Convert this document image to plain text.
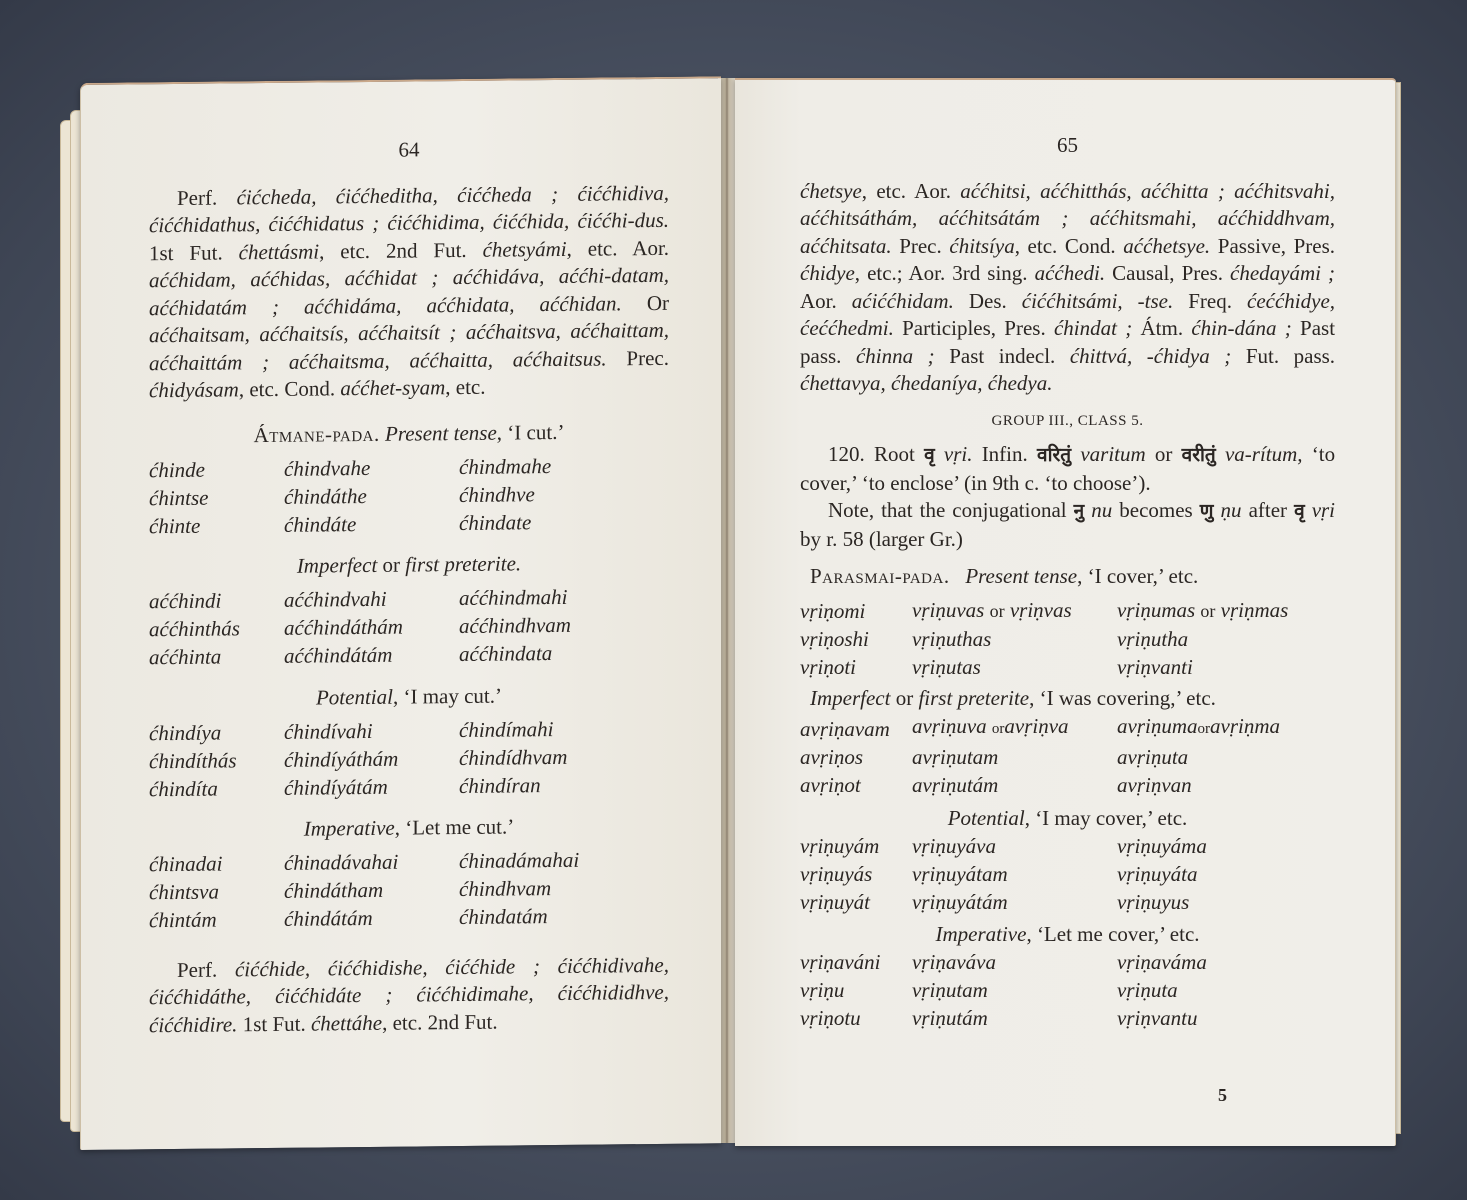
64

Perf. ćićcheda, ćiććheditha, ćiććheda ; ćiććhidiva, ćiććhidathus, ćiććhidatus ; ćiććhidima, ćiććhida, ćiććhi-dus. 1st Fut. ćhettásmi, etc. 2nd Fut. ćhetsyámi, etc. Aor. aććhidam, aććhidas, aććhidat ; aććhidáva, aććhi-datam, aććhidatám ; aććhidáma, aććhidata, aććhidan. Or aććhaitsam, aććhaitsís, aććhaitsít ; aććhaitsva, aććhaittam, aććhaittám ; aććhaitsma, aććhaitta, aććhaitsus. Prec. ćhidyásam, etc. Cond. aććhet-syam, etc.

Átmane-pada. Present tense, ‘I cut.’
ćhinde	ćhindvahe	ćhindmahe
ćhintse	ćhindáthe	ćhindhve
ćhinte	ćhindáte	ćhindate
Imperfect or first preterite.
aććhindi	aććhindvahi	aććhindmahi
aććhinthás	aććhindáthám	aććhindhvam
aććhinta	aććhindátám	aććhindata
Potential, ‘I may cut.’
ćhindíya	ćhindívahi	ćhindímahi
ćhindíthás	ćhindíyáthám	ćhindídhvam
ćhindíta	ćhindíyátám	ćhindíran
Imperative, ‘Let me cut.’
ćhinadai	ćhinadávahai	ćhinadámahai
ćhintsva	ćhindátham	ćhindhvam
ćhintám	ćhindátám	ćhindatám

Perf. ćiććhide, ćiććhidishe, ćiććhide ; ćiććhidivahe, ćiććhidáthe, ćiććhidáte ; ćiććhidimahe, ćiććhididhve, ćiććhidire. 1st Fut. ćhettáhe, etc. 2nd Fut.

65

ćhetsye, etc. Aor. aććhitsi, aććhitthás, aććhitta ; aććhitsvahi, aććhitsáthám, aććhitsátám ; aććhitsmahi, aććhiddhvam, aććhitsata. Prec. ćhitsíya, etc. Cond. aććhetsye. Passive, Pres. ćhidye, etc.; Aor. 3rd sing. aććhedi. Causal, Pres. ćhedayámi ; Aor. aćiććhidam. Des. ćiććhitsámi, -tse. Freq. ćeććhidye, ćeććhedmi. Participles, Pres. ćhindat ; Átm. ćhin-dána ; Past pass. ćhinna ; Past indecl. ćhittvá, -ćhidya ; Fut. pass. ćhettavya, ćhedaníya, ćhedya.

GROUP III., CLASS 5.

120. Root वृ vṛi. Infin. वरितुं varitum or वरीतुं va-rítum, ‘to cover,’ ‘to enclose’ (in 9th c. ‘to choose’).

Note, that the conjugational नु nu becomes णु ṇu after वृ vṛi by r. 58 (larger Gr.)

Parasmai-pada. Present tense, ‘I cover,’ etc.
vṛiṇomi	vṛiṇuvas or vṛiṇvas	vṛiṇumas or vṛiṇmas
vṛiṇoshi	vṛiṇuthas	vṛiṇutha
vṛiṇoti	vṛiṇutas	vṛiṇvanti
Imperfect or first preterite, ‘I was covering,’ etc.
avṛiṇavam	avṛiṇuva oravṛiṇva	avṛiṇumaoravṛiṇma
avṛiṇos	avṛiṇutam	avṛiṇuta
avṛiṇot	avṛiṇutám	avṛiṇvan
Potential, ‘I may cover,’ etc.
vṛiṇuyám	vṛiṇuyáva	vṛiṇuyáma
vṛiṇuyás	vṛiṇuyátam	vṛiṇuyáta
vṛiṇuyát	vṛiṇuyátám	vṛiṇuyus
Imperative, ‘Let me cover,’ etc.
vṛiṇaváni	vṛiṇaváva	vṛiṇaváma
vṛiṇu	vṛiṇutam	vṛiṇuta
vṛiṇotu	vṛiṇutám	vṛiṇvantu
5
